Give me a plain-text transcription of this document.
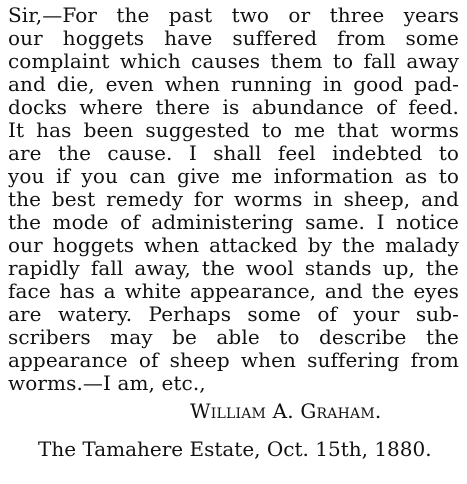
Sir,—For the past two or three years
our hoggets have suffered from some
complaint which causes them to fall away
and die, even when running in good pad-
docks where there is abundance of feed.
It has been suggested to me that worms
are the cause. I shall feel indebted to
you if you can give me information as to
the best remedy for worms in sheep, and
the mode of administering same. I notice
our hoggets when attacked by the malady
rapidly fall away, the wool stands up, the
face has a white appearance, and the eyes
are watery. Perhaps some of your sub-
scribers may be able to describe the
appearance of sheep when suffering from
worms.—I am, etc.,
William A. Graham.
The Tamahere Estate, Oct. 15th, 1880.
